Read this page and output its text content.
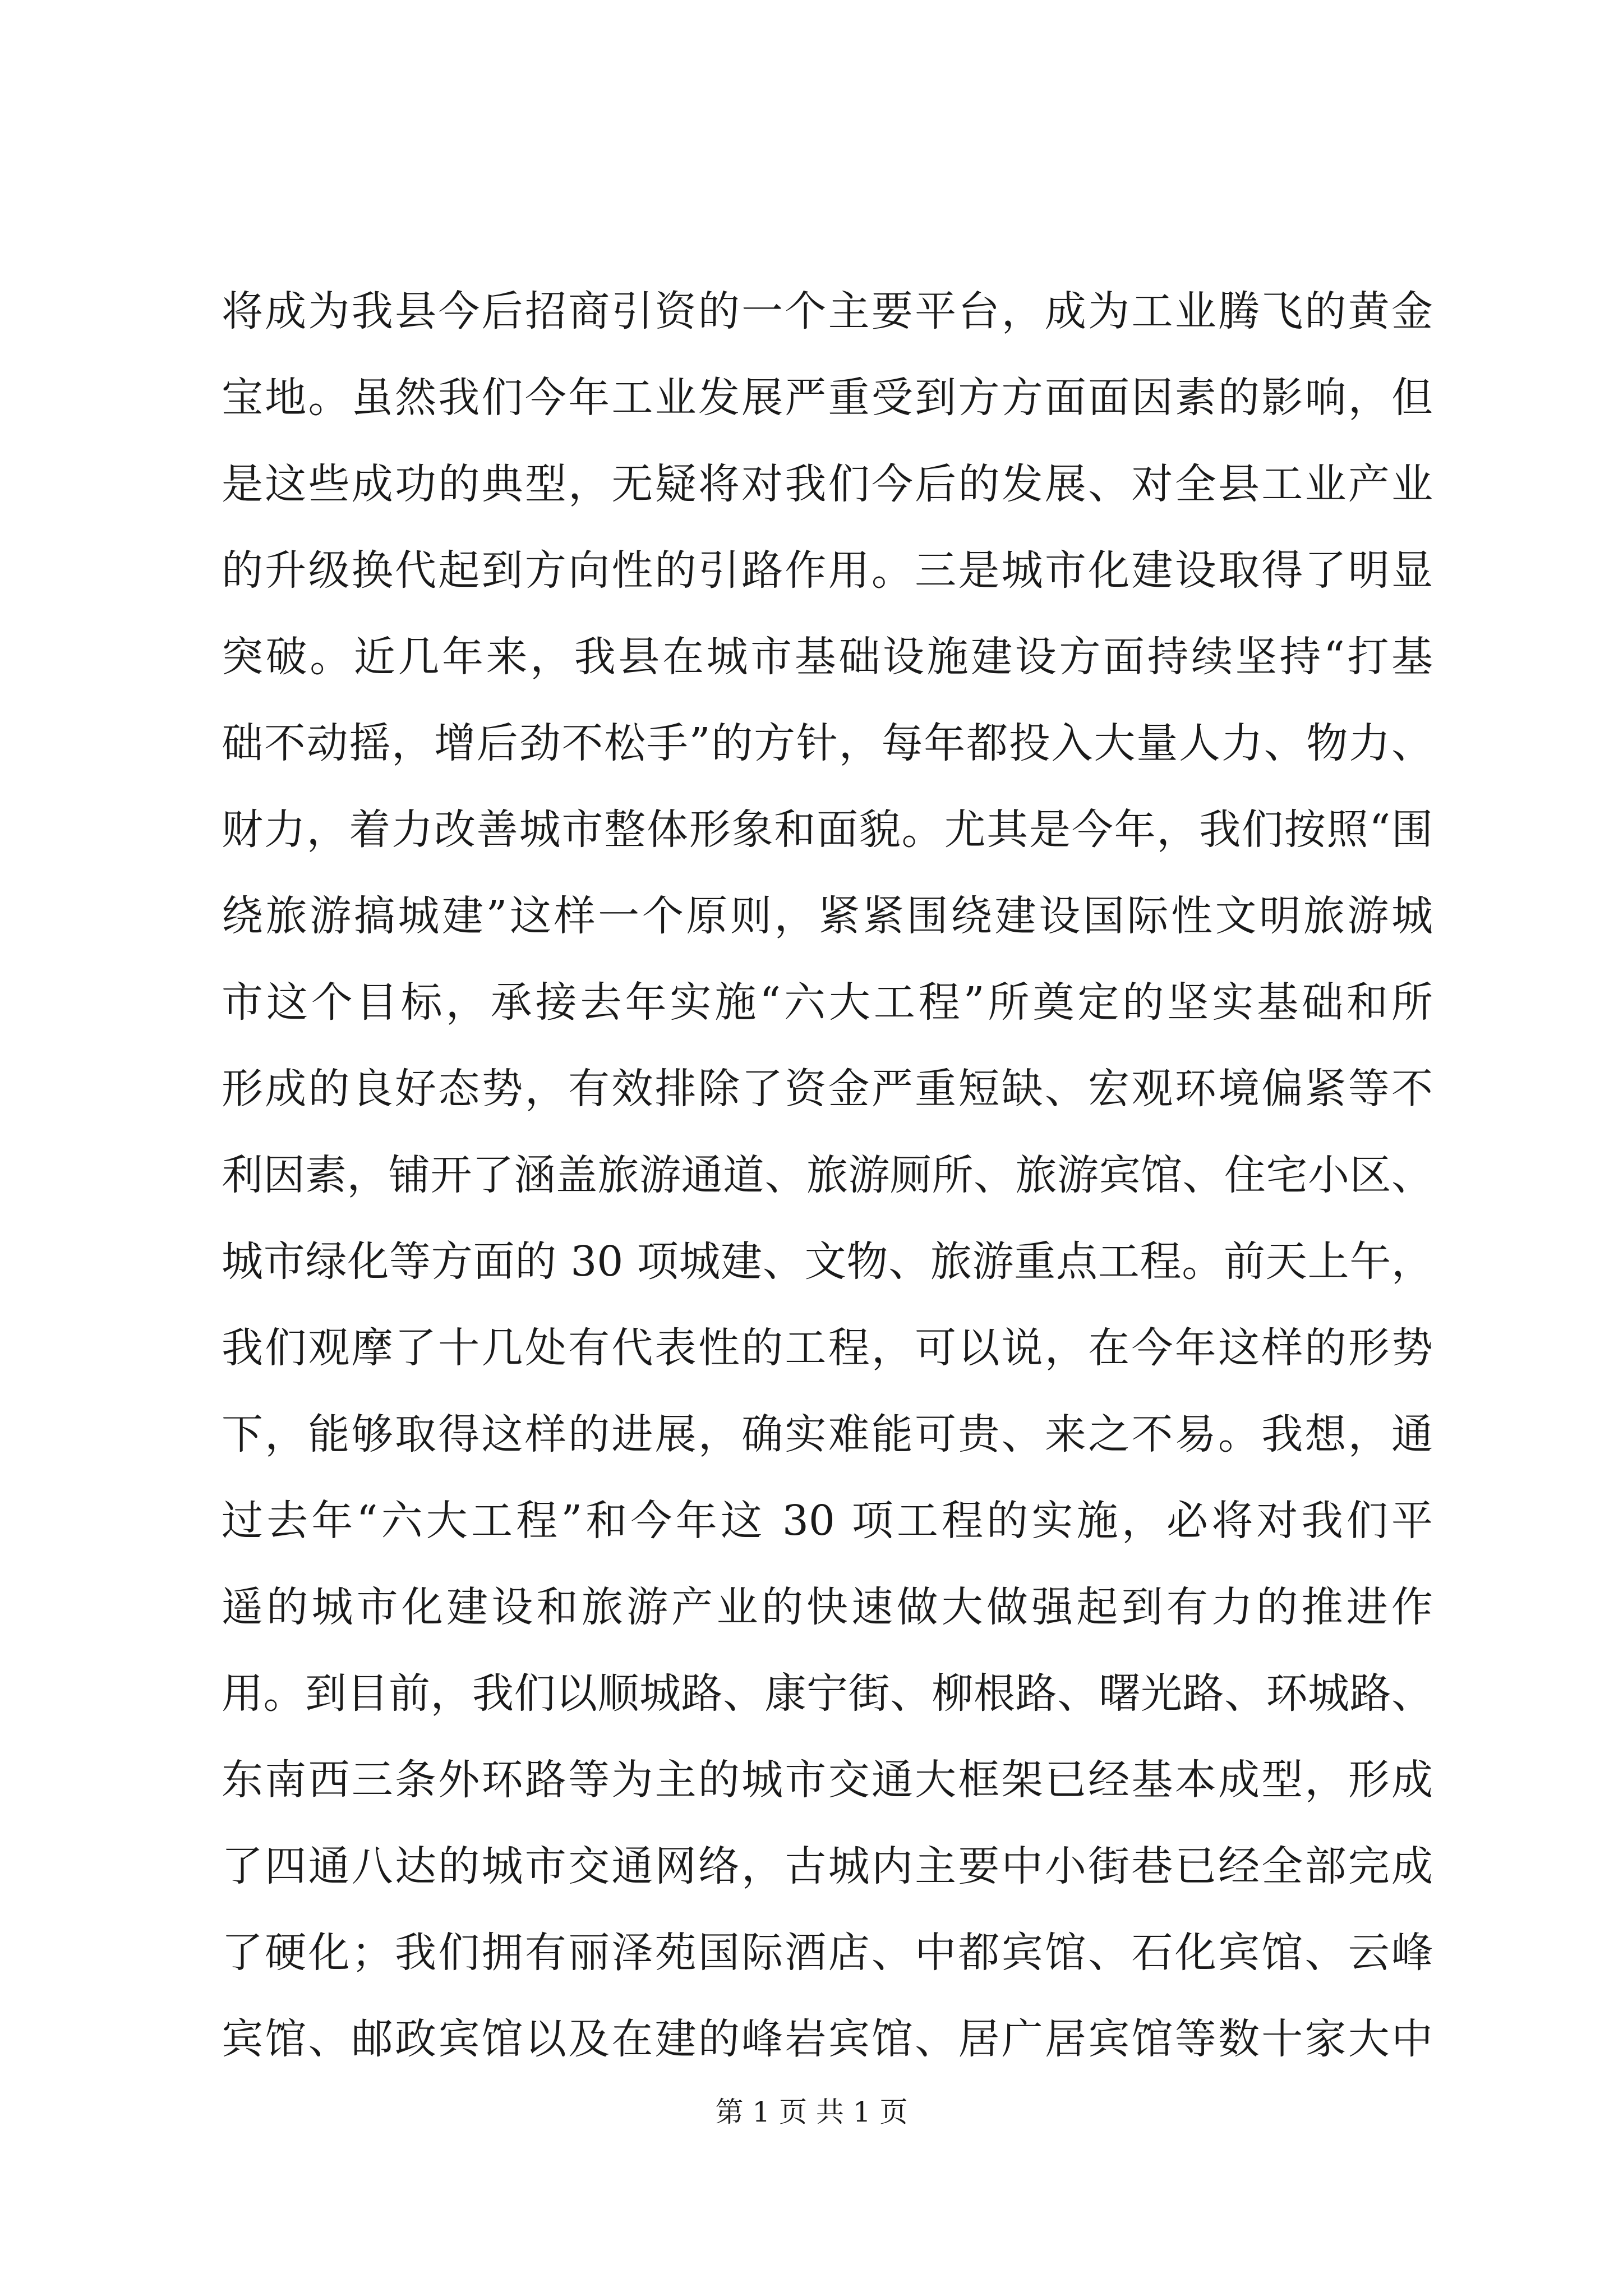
将成为我县今后招商引资的一个主要平台，成为工业腾飞的黄金
宝地。虽然我们今年工业发展严重受到方方面面因素的影响，但
是这些成功的典型，无疑将对我们今后的发展、对全县工业产业
的升级换代起到方向性的引路作用。三是城市化建设取得了明显
突破。近几年来，我县在城市基础设施建设方面持续坚持“打基
础不动摇，增后劲不松手”的方针，每年都投入大量人力、物力、
财力，着力改善城市整体形象和面貌。尤其是今年，我们按照“围
绕旅游搞城建”这样一个原则，紧紧围绕建设国际性文明旅游城
市这个目标，承接去年实施“六大工程”所奠定的坚实基础和所
形成的良好态势，有效排除了资金严重短缺、宏观环境偏紧等不
利因素，铺开了涵盖旅游通道、旅游厕所、旅游宾馆、住宅小区、
城市绿化等方面的 30 项城建、文物、旅游重点工程。前天上午，
我们观摩了十几处有代表性的工程，可以说，在今年这样的形势
下，能够取得这样的进展，确实难能可贵、来之不易。我想，通
过去年“六大工程”和今年这 30 项工程的实施，必将对我们平
遥的城市化建设和旅游产业的快速做大做强起到有力的推进作
用。到目前，我们以顺城路、康宁街、柳根路、曙光路、环城路、
东南西三条外环路等为主的城市交通大框架已经基本成型，形成
了四通八达的城市交通网络，古城内主要中小街巷已经全部完成
了硬化；我们拥有丽泽苑国际酒店、中都宾馆、石化宾馆、云峰
宾馆、邮政宾馆以及在建的峰岩宾馆、居广居宾馆等数十家大中
第 1 页 共 1 页
